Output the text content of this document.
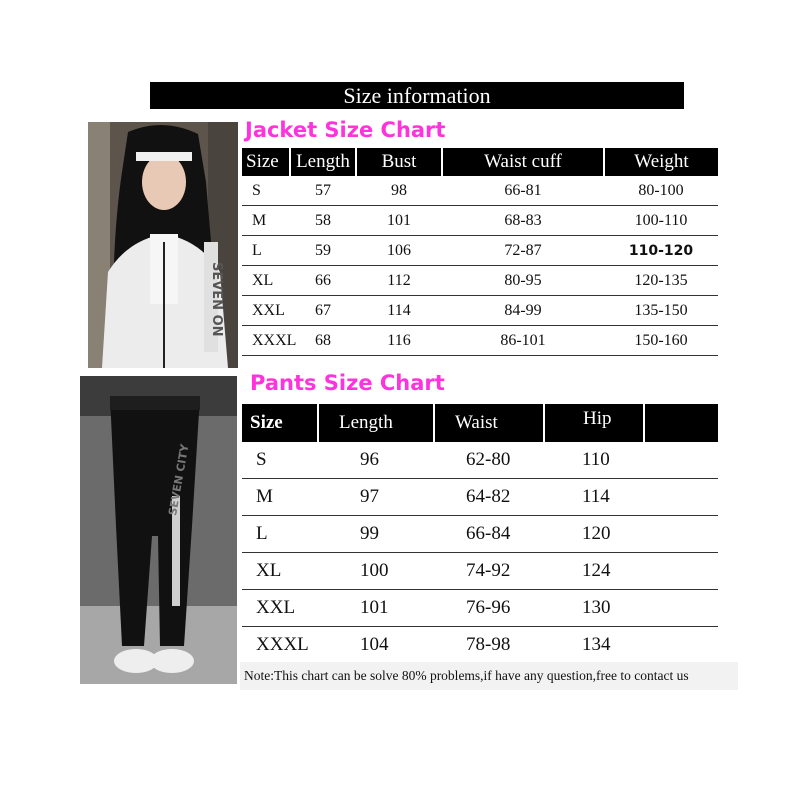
Size information
SEVEN ON
SEVEN CITY
Jacket Size Chart
Size	Length	Bust	Waist cuff	Weight
S	57	98	66-81	80-100
M	58	101	68-83	100-110
L	59	106	72-87	110-120
XL	66	112	80-95	120-135
XXL	67	114	84-99	135-150
XXXL	68	116	86-101	150-160
Pants Size Chart
Size	Length	Waist	Hip	
S	96	62-80	110	
M	97	64-82	114	
L	99	66-84	120	
XL	100	74-92	124	
XXL	101	76-96	130	
XXXL	104	78-98	134	
Note:This chart can be solve 80% problems,if have any question,free to contact us
